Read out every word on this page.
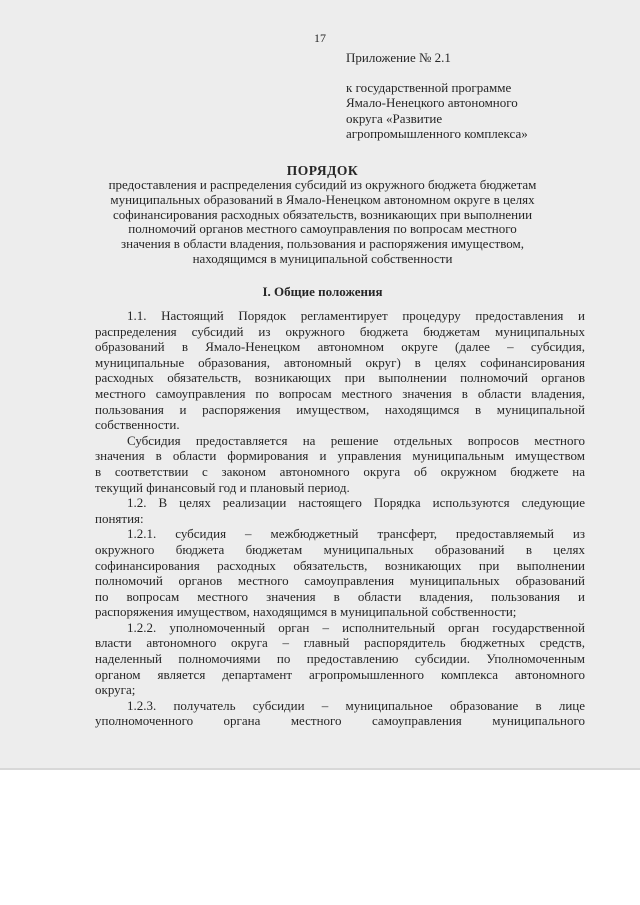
17

Приложение № 2.1

к государственной программе
Ямало-Ненецкого автономного
округа «Развитие
агропромышленного комплекса»

ПОРЯДОК
предоставления и распределения субсидий из окружного бюджета бюджетам
муниципальных образований в Ямало-Ненецком автономном округе в целях
софинансирования расходных обязательств, возникающих при выполнении
полномочий органов местного самоуправления по вопросам местного
значения в области владения, пользования и распоряжения имуществом,
находящимся в муниципальной собственности
I. Общие положения

1.1. Настоящий Порядок регламентирует процедуру предоставления и
распределения субсидий из окружного бюджета бюджетам муниципальных
образований в Ямало-Ненецком автономном округе (далее – субсидия,
муниципальные образования, автономный округ) в целях софинансирования
расходных обязательств, возникающих при выполнении полномочий органов
местного самоуправления по вопросам местного значения в области владения,
пользования и распоряжения имуществом, находящимся в муниципальной
собственности.

Субсидия предоставляется на решение отдельных вопросов местного
значения в области формирования и управления муниципальным имуществом
в соответствии с законом автономного округа об окружном бюджете на
текущий финансовый год и плановый период.

1.2. В целях реализации настоящего Порядка используются следующие
понятия:

1.2.1. субсидия – межбюджетный трансферт, предоставляемый из
окружного бюджета бюджетам муниципальных образований в целях
софинансирования расходных обязательств, возникающих при выполнении
полномочий органов местного самоуправления муниципальных образований
по вопросам местного значения в области владения, пользования и
распоряжения имуществом, находящимся в муниципальной собственности;

1.2.2. уполномоченный орган – исполнительный орган государственной
власти автономного округа – главный распорядитель бюджетных средств,
наделенный полномочиями по предоставлению субсидии. Уполномоченным
органом является департамент агропромышленного комплекса автономного
округа;

1.2.3. получатель субсидии – муниципальное образование в лице
уполномоченного органа местного самоуправления муниципального
